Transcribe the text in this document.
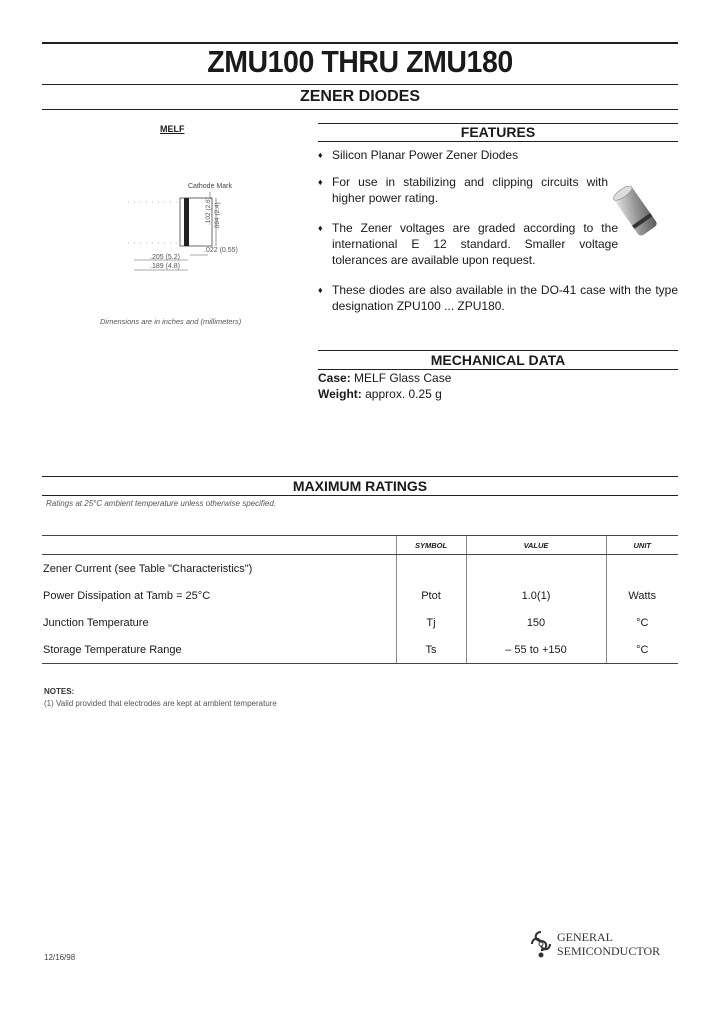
ZMU100 THRU ZMU180
ZENER DIODES
MELF
Cathode Mark
.102 (2.6) .094 (2.4)
.205 (5.2)
.189 (4.8)
.022 (0.55)
Dimensions are in inches and (millimeters)
FEATURES
♦ Silicon Planar Power Zener Diodes
♦ For use in stabilizing and clipping circuits with higher power rating.
♦ The Zener voltages are graded according to the international E 12 standard. Smaller voltage tolerances are available upon request.
♦ These diodes are also available in the DO-41 case with the type designation ZPU100 ... ZPU180.
MECHANICAL DATA
Case: MELF Glass Case
Weight: approx. 0.25 g
MAXIMUM RATINGS
Ratings at 25°C ambient temperature unless otherwise specified.
	SYMBOL	VALUE	UNIT
Zener Current (see Table "Characteristics")			
Power Dissipation at Tamb = 25°C	Ptot	1.0(1)	Watts
Junction Temperature	Tj	150	°C
Storage Temperature Range	Ts	– 55 to +150	°C
NOTES:
(1) Valid provided that electrodes are kept at ambient temperature
12/16/98
GENERAL
SEMICONDUCTOR
